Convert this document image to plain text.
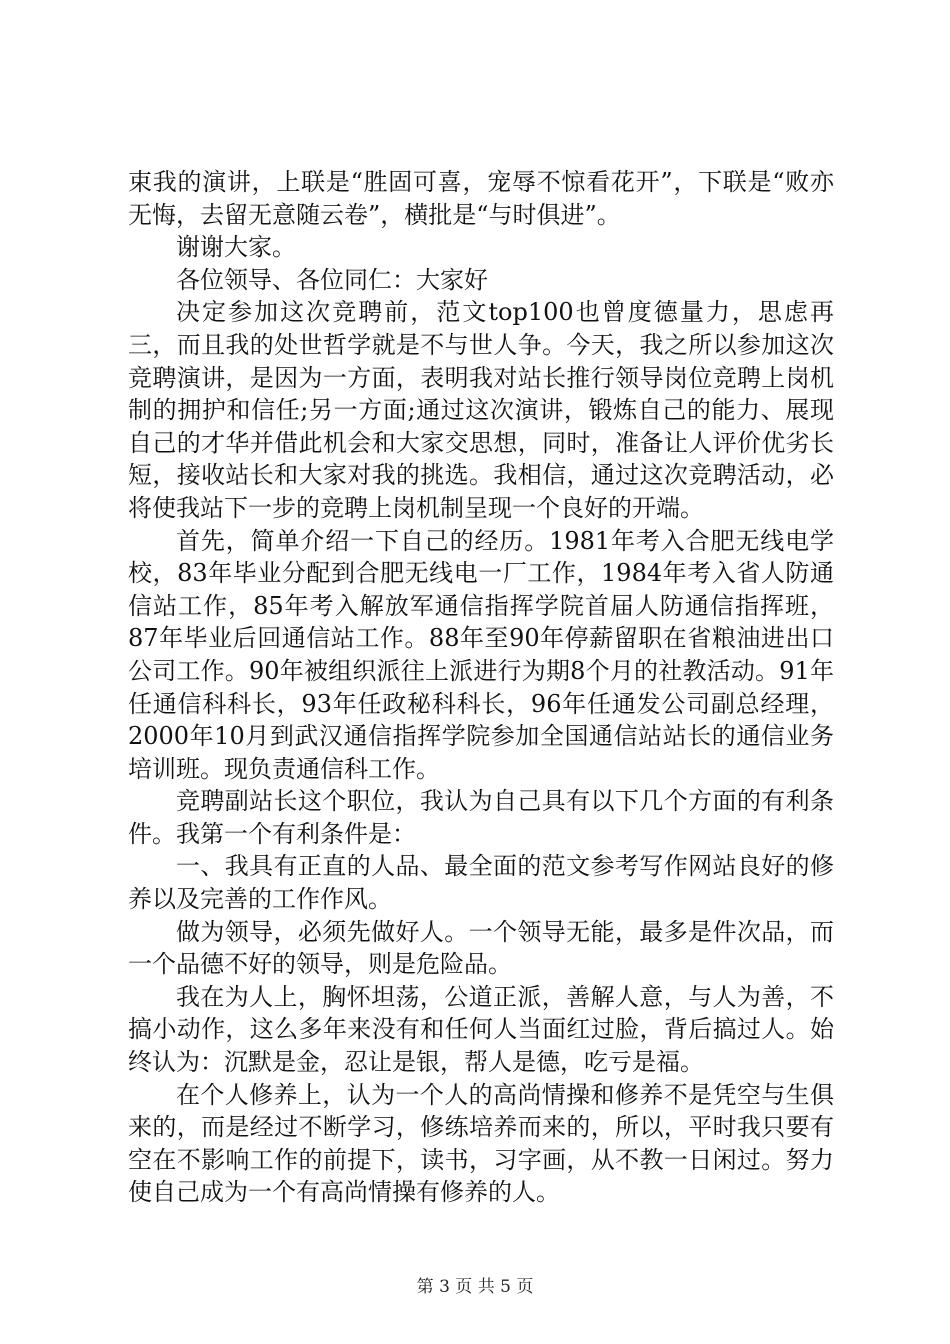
束我的演讲，上联是“胜固可喜，宠辱不惊看花开”，下联是“败亦无悔，去留无意随云卷”，横批是“与时俱进”。

谢谢大家。

各位领导、各位同仁：大家好

决定参加这次竞聘前，范文top100也曾度德量力，思虑再三，而且我的处世哲学就是不与世人争。今天，我之所以参加这次竞聘演讲，是因为一方面，表明我对站长推行领导岗位竞聘上岗机制的拥护和信任;另一方面;通过这次演讲，锻炼自己的能力、展现自己的才华并借此机会和大家交思想，同时，准备让人评价优劣长短，接收站长和大家对我的挑选。我相信，通过这次竞聘活动，必将使我站下一步的竞聘上岗机制呈现一个良好的开端。

首先，简单介绍一下自己的经历。1981年考入合肥无线电学校，83年毕业分配到合肥无线电一厂工作，1984年考入省人防通信站工作，85年考入解放军通信指挥学院首届人防通信指挥班，87年毕业后回通信站工作。88年至90年停薪留职在省粮油进出口公司工作。90年被组织派往上派进行为期8个月的社教活动。91年任通信科科长，93年任政秘科科长，96年任通发公司副总经理，2000年10月到武汉通信指挥学院参加全国通信站站长的通信业务培训班。现负责通信科工作。

竞聘副站长这个职位，我认为自己具有以下几个方面的有利条件。我第一个有利条件是：

一、我具有正直的人品、最全面的范文参考写作网站良好的修养以及完善的工作作风。

做为领导，必须先做好人。一个领导无能，最多是件次品，而一个品德不好的领导，则是危险品。

我在为人上，胸怀坦荡，公道正派，善解人意，与人为善，不搞小动作，这么多年来没有和任何人当面红过脸，背后搞过人。始终认为：沉默是金，忍让是银，帮人是德，吃亏是福。

在个人修养上，认为一个人的高尚情操和修养不是凭空与生俱来的，而是经过不断学习，修练培养而来的，所以，平时我只要有空在不影响工作的前提下，读书，习字画，从不教一日闲过。努力使自己成为一个有高尚情操有修养的人。

第 3 页 共 5 页
